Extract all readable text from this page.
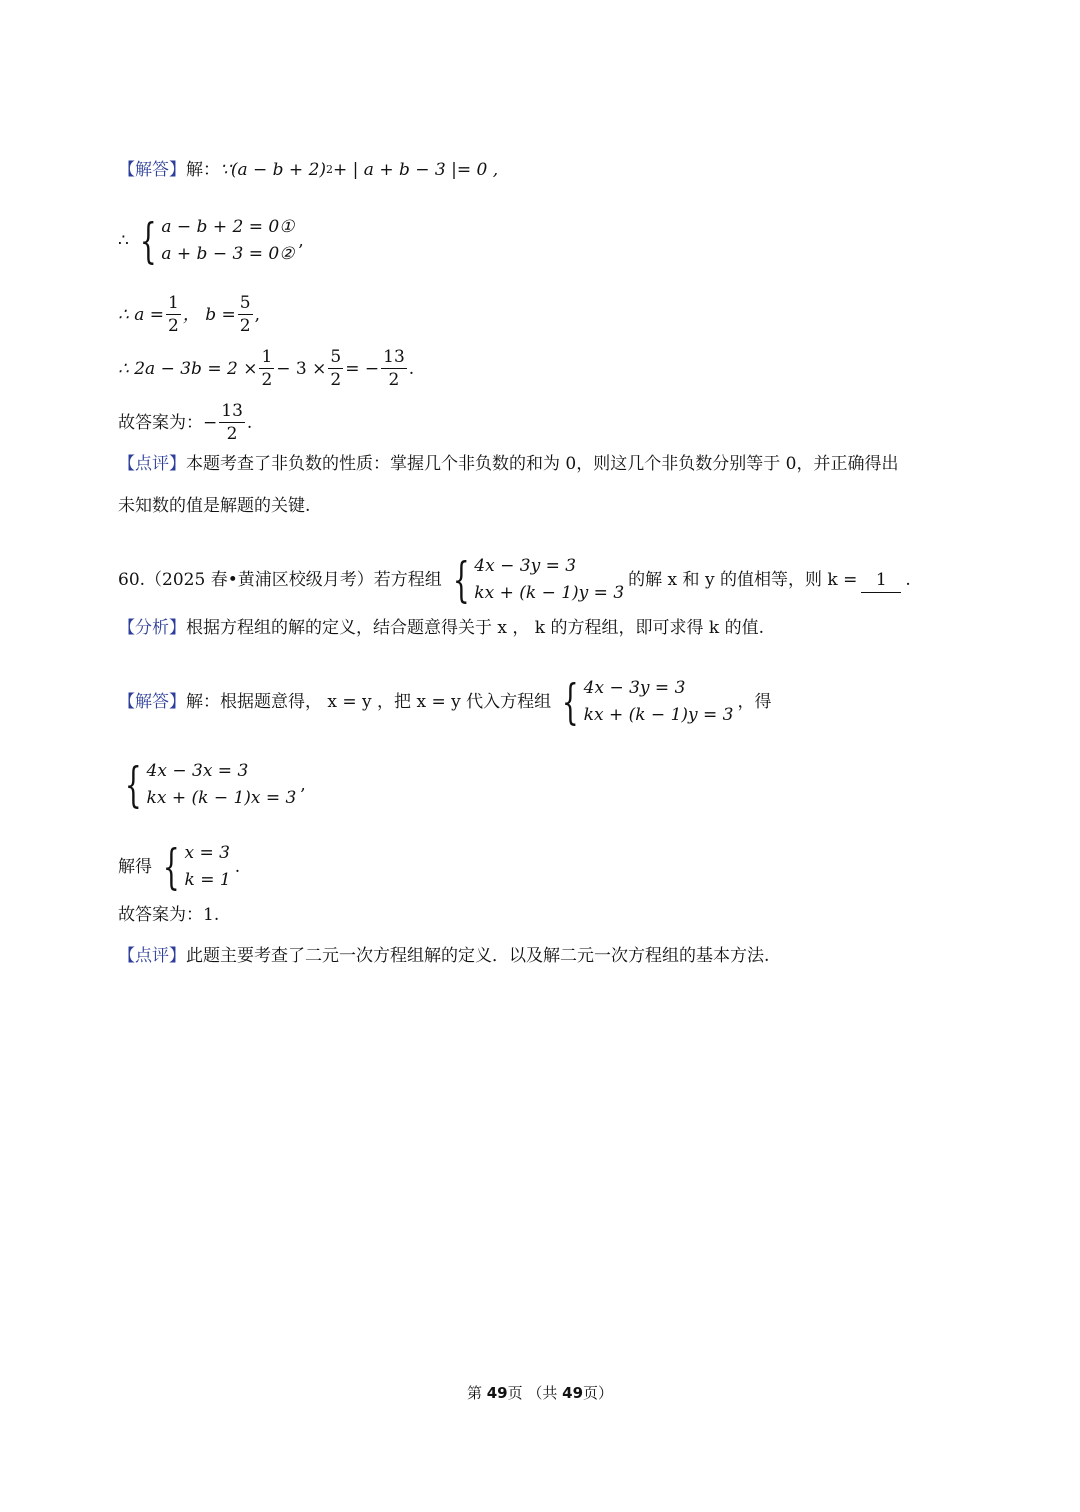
【解答】 解： ∵(a − b + 2) 2 + | a + b − 3 |= 0 ,
∴ { a − b + 2 = 0①
a + b − 3 = 0②
,
∴ $a = \frac{1}{2}$ ， $b = \frac{5}{2}$ ,
∴ $2a - 3b = 2 \times \frac{1}{2} - 3 \times \frac{5}{2}$ = − $\frac{13}{2}$ .
故答案为： − $\frac{13}{2}$ .
【点评】 本题考查了非负数的性质：掌握几个非负数的和为 0，则这几个非负数分别等于 0，并正确得出
未知数的值是解题的关键.
60. （2025 春•黄浦区校级月考） 若方程组 { 4x − 3y = 3
kx + (k − 1)y = 3
的解 x 和 y 的值相等，则 k =	1	.
【分析】 根据方程组的解的定义，结合题意得关于 x ， k 的方程组，即可求得 k 的值.
【解答】 解：根据题意得， x = y ，把 x = y 代入方程组 { 4x − 3y = 3
kx + (k − 1)y = 3
，得
{ 4x − 3x = 3
kx + (k − 1)x = 3
,
解得 { x = 3
k = 1
.
故答案为：1.
【点评】 此题主要考查了二元一次方程组解的定义．以及解二元一次方程组的基本方法.
第 49页 （共 49页）
